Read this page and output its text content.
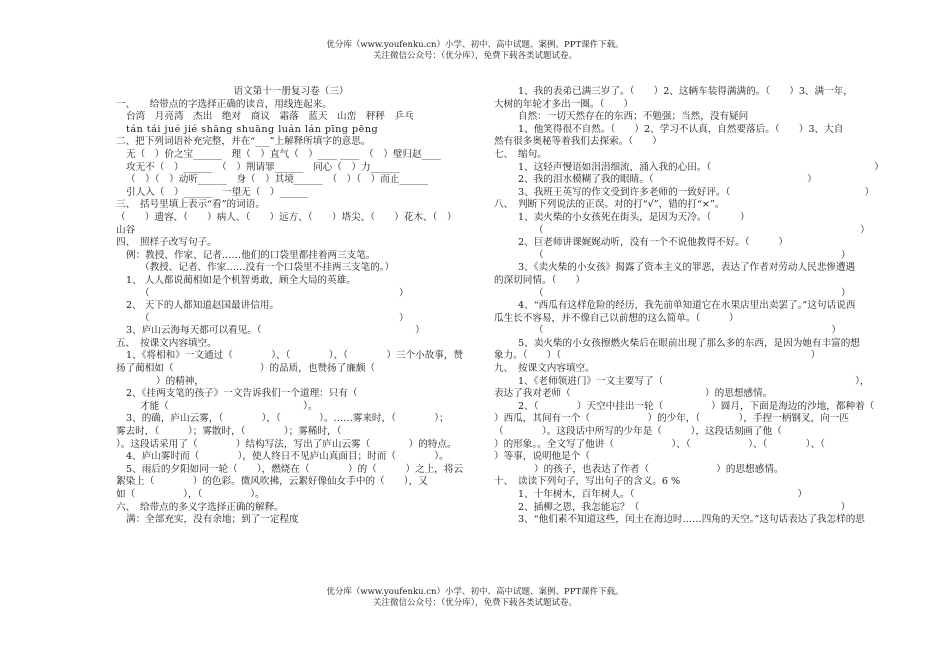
优分库（www.youfenku.cn）小学、初中、高中试题、案例、PPT课件下载。
关注微信公众号：（优分库），免费下载各类试题试卷。
语文第十一册复习卷（三）
一、　　给带点的字选择正确的读音，用线连起来。
台湾　月亮湾　杰出　绝对　商议　霜落　蓝天　山峦　秤秤　乒乓
tán tái jué jié shāng shuāng luán lán pīng pēng
二、把下列词语补充完整，并在“___”上解释所填字的意思。
无（　）价之宝______　理（　）直气（　）____ ____　（　）璧归赵____
攻无不（　）______　（　）荆请罪______　同心（　）力______
（　）（　）动听______　身（　）其境______　（　）（　）而止______
引人入（　）______　一望无（　）______
三、　括号里填上表示“看”的词语。
（　　）遗容、（　　）病人、（　　）远方、（　　）塔尖、（　　）花木、（　）
山谷
四、　照样子改写句子。
例：教授、作家、记者……他们的口袋里都挂着两三支笔。
（教授、记者、作家……没有一个口袋里不挂两三支笔的。）
1、 人人都说蔺相如是个机智勇敢，顾全大局的英雄。
（　　　　　　　　　　　　　　　　　　　　　　　　　　）
2、 天下的人都知道赵国最讲信用。
（　　　　　　　　　　　　　　　　　　　　　　　　　　）
3、庐山云海每天都可以看见。（　　　　　　　　　　　　　　　　）
五、　按课文内容填空。
1、《将相和》一文通过（　　　　）、（　　　　）、（　　　　）三个小故事，赞
扬了蔺相如（　　　　　　　　　）的品质，也赞扬了廉颇（　　　　　　
）的精神，
2、《挂两支笔的孩子》一文告诉我们一个道理：只有（　　　　　　
才能（　　　　　　　　　　　　　　）。
3、的确，庐山云雾，（　　　　），（　　　　）。……雾来时，（　　　　）；
雾去时，（　　　）；雾散时，（　　　　）；雾稀时，（　　　　　　　
）。这段话采用了（　　　　）结构写法，写出了庐山云雾（　　　　）的特点。
4、庐山雾时而（　　　　），使人终日不见庐山真面目；时而（　　　　）。
5、雨后的夕阳如同一轮（　　），燃烧在（　　　　）的（　　　）之上，将云
絮染上（　　　　）的色彩。微风吹拂，云絮好像仙女手中的（　　），又
如（　　　　　），（　　　　　）。
六、　给带点的多义字选择正确的解释。
满：全部充实，没有余地；到了一定程度
1、我的表弟已满三岁了。（　　）2、这辆车装得满满的。（　　）3、满一年，
大树的年轮才多出一圈。（　　）
自然：一切天然存在的东西；不勉强；当然，没有疑问
1、他笑得很不自然。（　　）2、学习不认真，自然要落后。（　　）3、大自
然有很多奥秘等着我们去探索。（　　）
七、　缩句。
1、这轻声慢语如涓涓细流，涌入我的心田。（　　　　　　　　　　　　　　　　　）
2、我的泪水模糊了我的眼睛。（　　　　　　　　　　　　　　　　）
3、我班王英写的作文受到许多老师的一致好评。（　　　　　　　　　　　　　　）
八、　判断下列说法的正误。对的打“√”，错的打“×”。
1、卖火柴的小女孩死在街头，是因为天冷。（　　　）
（　　　　　　　　　　　　　　　　　　　　　　　　　　　　　　　　　）
2、巨老师讲课娓娓动听，没有一个不说他教得不好。（　　　）
（　　　　　　　　　　　　　　　　　　　　　　　　　　　　　　　）
3、《卖火柴的小女孩》揭露了资本主义的罪恶，表达了作者对劳动人民悲惨遭遇
的深切同情。（　　）
（　　　　　　　　　　　　　　　　　　　　　　　　　　　　　　　）
4、“西瓜有这样危险的经历，我先前单知道它在水果店里出卖罢了。”这句话说西
瓜生长不容易，并不像自己以前想的这么简单。（　　　）
（　　　　　　　　　　　　　　　　　　　　　　　　　　　　　　）
5、卖火柴的小女孩擦燃火柴后在眼前出现了那么多的东西，是因为她有丰富的想
象力。（　　）（　　　　　　　　　　　　　　　　　　　　　　　　　　）
九、　按课文内容填空。
1、《老师领进门》一文主要写了（　　　　　　　　　　　　　　　　　　　　），
表达了我对老师（　　　　　　　　　　　　　　）的思想感情。
2、（　　　　）天空中挂出一轮（　　　　　）圆月，下面是海边的沙地，都种着（
）西瓜，其间有一个（　　　　　　）的少年，（　　　　），手捏一柄钢叉，向一匹
（　　　　）。这段话中所写的少年是（　　　），这段话刻画了他（　　　　
）的形象。。全文写了他讲（　　　　　　）、（　　　　　　）、（　　　　）、（
）等事，说明他是个（　　　　　　　　
）的孩子，也表达了作者（　　　　　　　）的思想感情。
十、　读读下列句子，写出句子的含义。6 %
1、十年树木，百年树人。（　　　　　　　　　　　　　　　　　）
2、插柳之恩，我怎能忘？（　　　　　　　　　　　　　　　　　　　　　）
3、“他们素不知道这些，闰土在海边时……四角的天空。”这句话表达了我怎样的思
优分库（www.youfenku.cn）小学、初中、高中试题、案例、PPT课件下载。
关注微信公众号：（优分库），免费下载各类试题试卷。
